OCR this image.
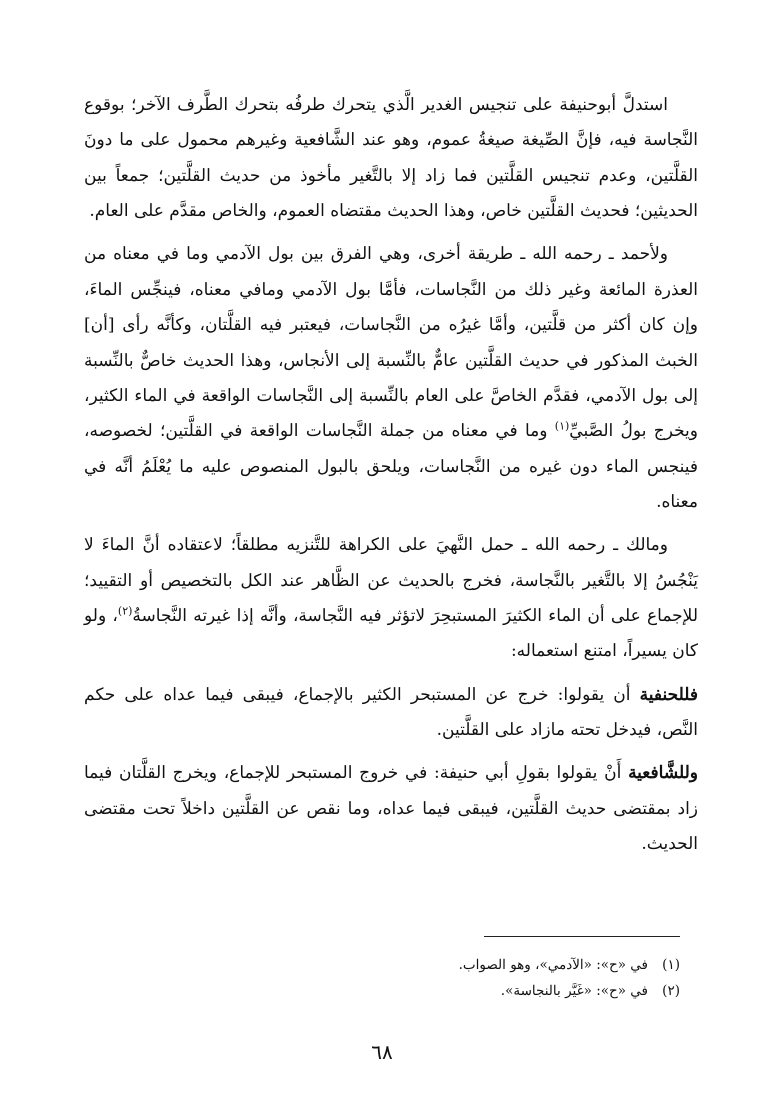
استدلَّ أبوحنيفة على تنجيس الغدير الَّذي يتحرك طرفُه بتحرك الطَّرف الآخر؛ بوقوع النَّجاسة فيه، فإنَّ الصِّيغة صيغةُ عموم، وهو عند الشَّافعية وغيرهم محمول على ما دونَ القلَّتين، وعدم تنجيس القلَّتين فما زاد إلا بالتَّغير مأخوذ من حديث القلَّتين؛ جمعاً بين الحديثين؛ فحديث القلَّتين خاص، وهذا الحديث مقتضاه العموم، والخاص مقدَّم على العام.

ولأحمد ـ رحمه الله ـ طريقة أخرى، وهي الفرق بين بول الآدمي وما في معناه من العذرة المائعة وغير ذلك من النَّجاسات، فأمَّا بول الآدمي ومافي معناه، فينجِّس الماءَ، وإن كان أكثر من قلَّتين، وأمَّا غيرُه من النَّجاسات، فيعتبر فيه القلَّتان، وكأنَّه رأى [أن] الخبث المذكور في حديث القلَّتين عامٌّ بالنِّسبة إلى الأنجاس، وهذا الحديث خاصٌّ بالنِّسبة إلى بول الآدمي، فقدَّم الخاصَّ على العام بالنِّسبة إلى النَّجاسات الواقعة في الماء الكثير، ويخرج بولُ الصَّبيِّ$^{(١)}$ وما في معناه من جملة النَّجاسات الواقعة في القلَّتين؛ لخصوصه، فينجس الماء دون غيره من النَّجاسات، ويلحق بالبول المنصوص عليه ما يُعْلَمُ أنَّه في معناه.

ومالك ـ رحمه الله ـ حمل النَّهيَ على الكراهة للتَّنزيه مطلقاً؛ لاعتقاده أنَّ الماءَ لا يَنْجُسُ إلا بالتَّغير بالنَّجاسة، فخرج بالحديث عن الظَّاهر عند الكل بالتخصيص أو التقييد؛ للإجماع على أن الماء الكثيرَ المستبحِرَ لاتؤثر فيه النَّجاسة، وأنَّه إذا غيرته النَّجاسةُ$^{(٢)}$، ولو كان يسيراً، امتنع استعماله:

فللحنفية أن يقولوا: خرج عن المستبحر الكثير بالإجماع، فيبقى فيما عداه على حكم النَّص، فيدخل تحته مازاد على القلَّتين.

وللشَّافعية أَنْ يقولوا بقولِ أبي حنيفة: في خروج المستبحر للإجماع، ويخرج القلَّتان فيما زاد بمقتضى حديث القلَّتين، فيبقى فيما عداه، وما نقص عن القلَّتين داخلاً تحت مقتضى الحديث.

(١)في «ح»: «الآدمي»، وهو الصواب.
(٢)في «ح»: «غَيَّر بالنجاسة».
٦٨
